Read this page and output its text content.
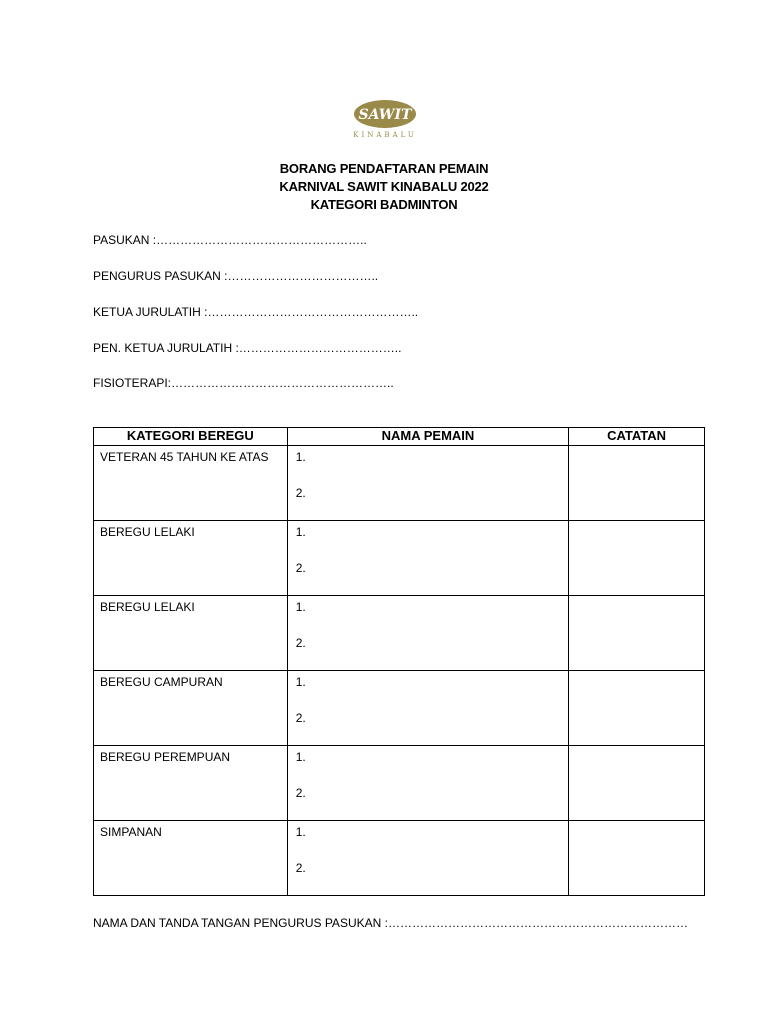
SAWIT
KINABALU
BORANG PENDAFTARAN PEMAIN
KARNIVAL SAWIT KINABALU 2022
KATEGORI BADMINTON
PASUKAN :……………………………………………..
PENGURUS PASUKAN :………………………………..
KETUA JURULATIH :……………………………………………..
PEN. KETUA JURULATIH :…………………………………..
FISIOTERAPI:………………………………………………..
KATEGORI BEREGU	NAMA PEMAIN	CATATAN
VETERAN 45 TAHUN KE ATAS	1.
2.	

BEREGU LELAKI	1.
2.	

BEREGU LELAKI	1.
2.	

BEREGU CAMPURAN	1.
2.	

BEREGU PEREMPUAN	1.
2.	

SIMPANAN	1.
2.	

NAMA DAN TANDA TANGAN PENGURUS PASUKAN :…………………………………………………………………
